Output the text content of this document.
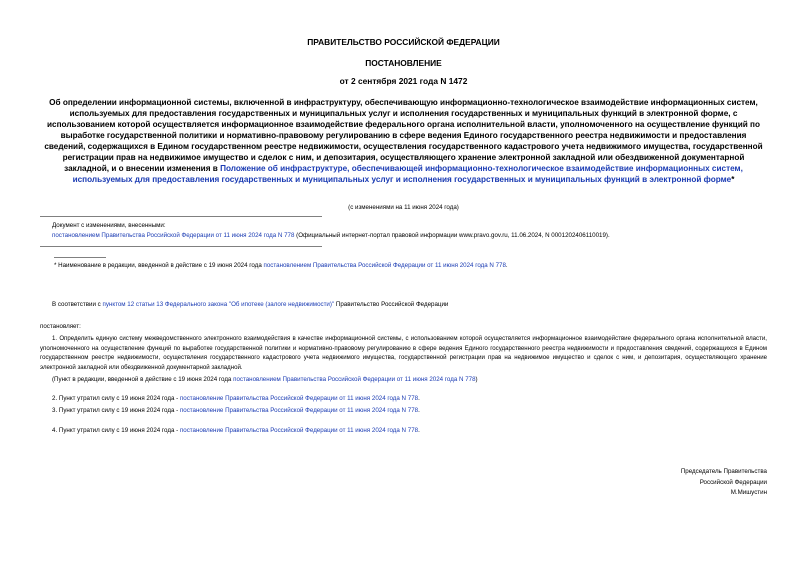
ПРАВИТЕЛЬСТВО РОССИЙСКОЙ ФЕДЕРАЦИИ
ПОСТАНОВЛЕНИЕ
от 2 сентября 2021 года N 1472
Об определении информационной системы, включенной в инфраструктуру, обеспечивающую информационно-технологическое взаимодействие информационных систем, используемых для предоставления государственных и муниципальных услуг и исполнения государственных и муниципальных функций в электронной форме, с использованием которой осуществляется информационное взаимодействие федерального органа исполнительной власти, уполномоченного на осуществление функций по выработке государственной политики и нормативно-правовому регулированию в сфере ведения Единого государственного реестра недвижимости и предоставления сведений, содержащихся в Едином государственном реестре недвижимости, осуществления государственного кадастрового учета недвижимого имущества, государственной регистрации прав на недвижимое имущество и сделок с ним, и депозитария, осуществляющего хранение электронной закладной или обездвиженной документарной закладной, и о внесении изменения в Положение об инфраструктуре, обеспечивающей информационно-технологическое взаимодействие информационных систем, используемых для предоставления государственных и муниципальных услуг и исполнения государственных и муниципальных функций в электронной форме*
(с изменениями на 11 июня 2024 года)
Документ с изменениями, внесенными:
постановлением Правительства Российской Федерации от 11 июня 2024 года N 778 (Официальный интернет-портал правовой информации www.pravo.gov.ru, 11.06.2024, N 0001202406110019).
* Наименование в редакции, введенной в действие с 19 июня 2024 года постановлением Правительства Российской Федерации от 11 июня 2024 года N 778.
В соответствии с пунктом 12 статьи 13 Федерального закона "Об ипотеке (залоге недвижимости)" Правительство Российской Федерации
постановляет:
1. Определить единую систему межведомственного электронного взаимодействия в качестве информационной системы, с использованием которой осуществляется информационное взаимодействие федерального органа исполнительной власти, уполномоченного на осуществление функций по выработке государственной политики и нормативно-правовому регулированию в сфере ведения Единого государственного реестра недвижимости и предоставления сведений, содержащихся в Едином государственном реестре недвижимости, осуществления государственного кадастрового учета недвижимого имущества, государственной регистрации прав на недвижимое имущество и сделок с ним, и депозитария, осуществляющего хранение электронной закладной или обездвиженной документарной закладной.
(Пункт в редакции, введенной в действие с 19 июня 2024 года постановлением Правительства Российской Федерации от 11 июня 2024 года N 778)
2. Пункт утратил силу с 19 июня 2024 года - постановление Правительства Российской Федерации от 11 июня 2024 года N 778.
3. Пункт утратил силу с 19 июня 2024 года - постановление Правительства Российской Федерации от 11 июня 2024 года N 778.
4. Пункт утратил силу с 19 июня 2024 года - постановление Правительства Российской Федерации от 11 июня 2024 года N 778.
Председатель Правительства
Российской Федерации
М.Мишустин
